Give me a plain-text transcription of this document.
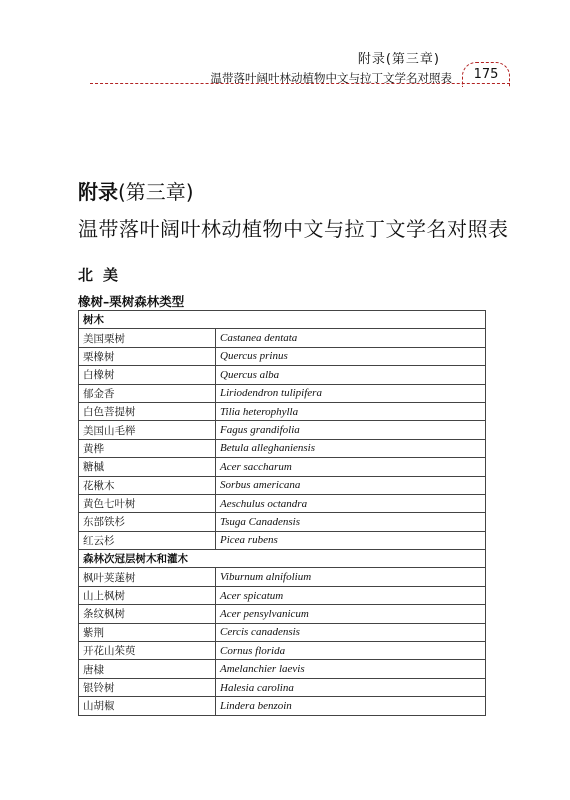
附录(第三章)
温带落叶阔叶林动植物中文与拉丁文学名对照表	175

附录(第三章)

温带落叶阔叶林动植物中文与拉丁文学名对照表

北美
橡树–栗树森林类型
树木	
美国栗树	Castanea dentata
栗橡树	Quercus prinus
白橡树	Quercus alba
郁金香	Liriodendron tulipifera
白色菩提树	Tilia heterophylla
美国山毛榉	Fagus grandifolia
黄桦	Betula alleghaniensis
糖槭	Acer saccharum
花楸木	Sorbus americana
黄色七叶树	Aeschulus octandra
东部铁杉	Tsuga Canadensis
红云杉	Picea rubens
森林次冠层树木和灌木	
枫叶荚蒾树	Viburnum alnifolium
山上枫树	Acer spicatum
条纹枫树	Acer pensylvanicum
紫荆	Cercis canadensis
开花山茱萸	Cornus florida
唐棣	Amelanchier laevis
银铃树	Halesia carolina
山胡椒	Lindera benzoin
